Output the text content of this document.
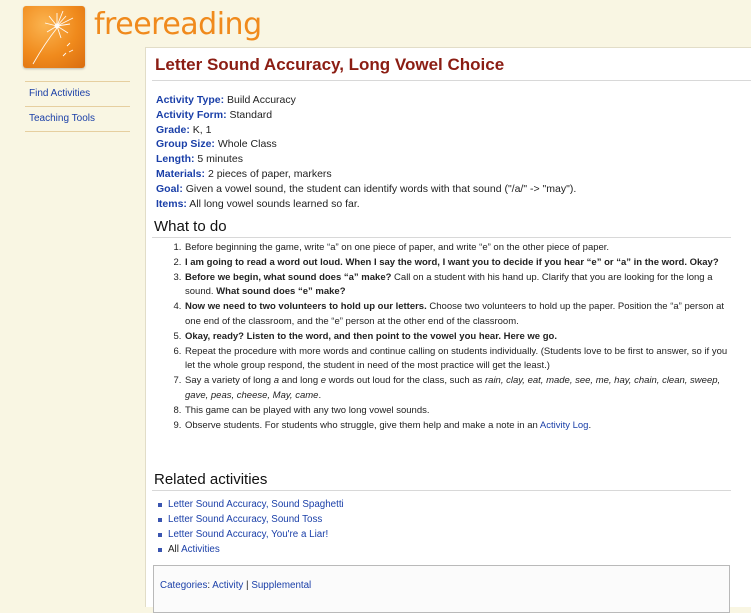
freereading
Find Activities
Teaching Tools
Letter Sound Accuracy, Long Vowel Choice
Activity Type: Build Accuracy
Activity Form: Standard
Grade: K, 1
Group Size: Whole Class
Length: 5 minutes
Materials: 2 pieces of paper, markers
Goal: Given a vowel sound, the student can identify words with that sound ("/a/" -> "may").
Items: All long vowel sounds learned so far.
What to do
1. Before beginning the game, write “a” on one piece of paper, and write “e” on the other piece of paper.
2. I am going to read a word out loud. When I say the word, I want you to decide if you hear “e” or “a” in the word. Okay?
3. Before we begin, what sound does “a” make? Call on a student with his hand up. Clarify that you are looking for the long a sound. What sound does “e” make?
4. Now we need to two volunteers to hold up our letters. Choose two volunteers to hold up the paper. Position the “a” person at one end of the classroom, and the “e” person at the other end of the classroom.
5. Okay, ready? Listen to the word, and then point to the vowel you hear. Here we go.
6. Repeat the procedure with more words and continue calling on students individually. (Students love to be first to answer, so if you let the whole group respond, the student in need of the most practice will get the least.)
7. Say a variety of long a and long e words out loud for the class, such as rain, clay, eat, made, see, me, hay, chain, clean, sweep, gave, peas, cheese, May, came.
8. This game can be played with any two long vowel sounds.
9. Observe students. For students who struggle, give them help and make a note in an Activity Log.
Related activities
Letter Sound Accuracy, Sound Spaghetti
Letter Sound Accuracy, Sound Toss
Letter Sound Accuracy, You're a Liar!
All Activities
Categories: Activity | Supplemental
